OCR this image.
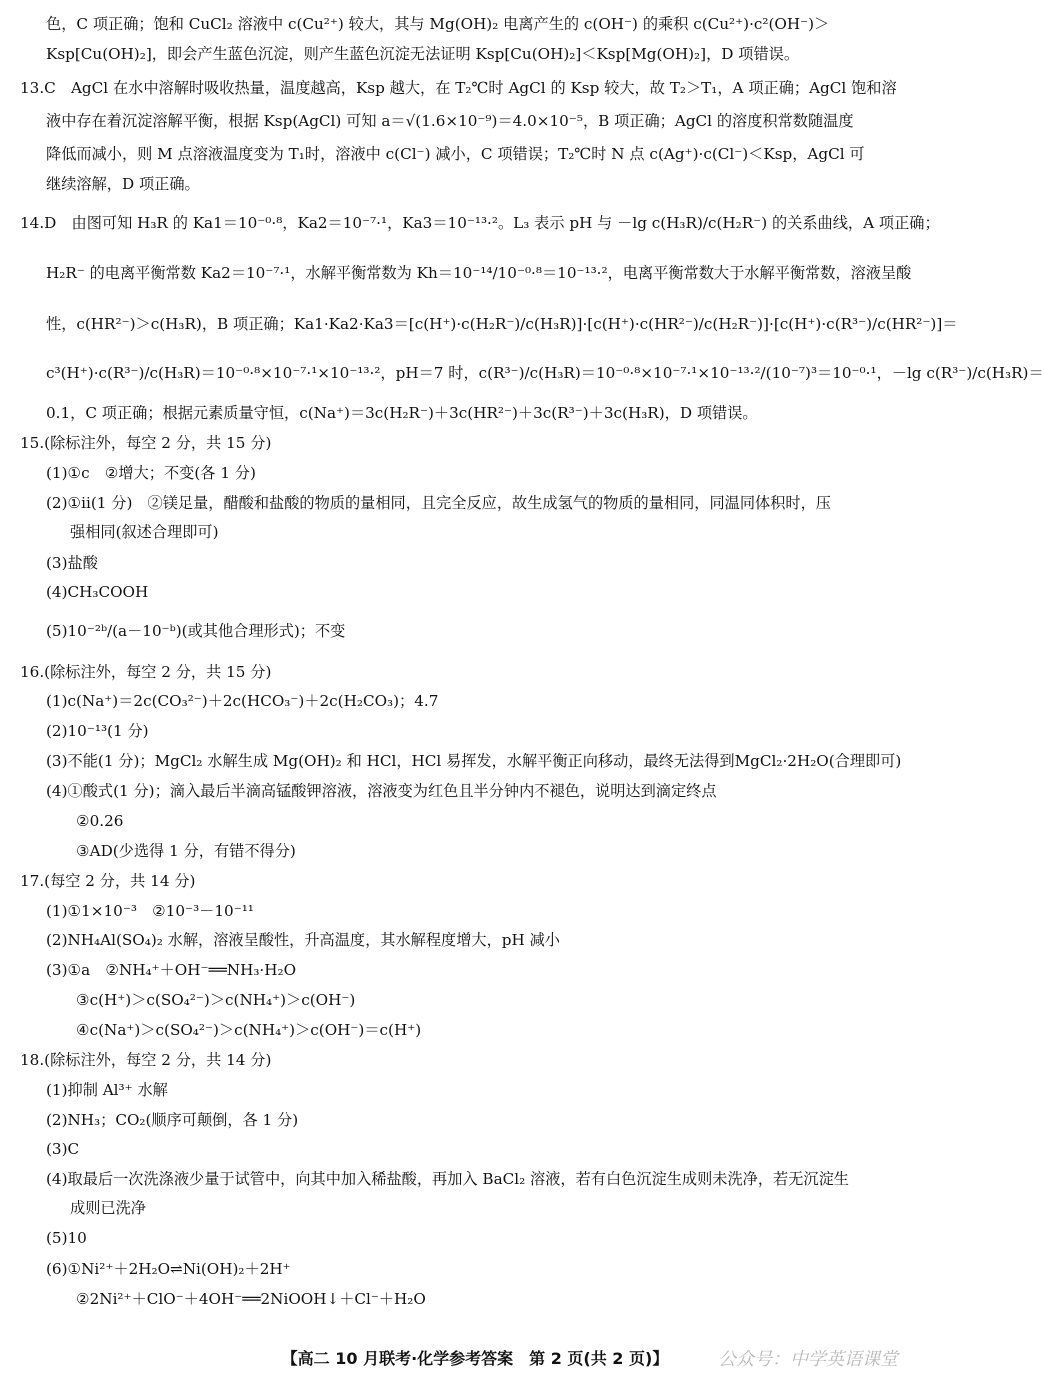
色，C 项正确；饱和 CuCl₂ 溶液中 c(Cu²⁺) 较大，其与 Mg(OH)₂ 电离产生的 c(OH⁻) 的乘积 c(Cu²⁺)·c²(OH⁻)＞
Ksp[Cu(OH)₂]，即会产生蓝色沉淀，则产生蓝色沉淀无法证明 Ksp[Cu(OH)₂]＜Ksp[Mg(OH)₂]，D 项错误。
13.C　AgCl 在水中溶解时吸收热量，温度越高，Ksp 越大，在 T₂℃时 AgCl 的 Ksp 较大，故 T₂＞T₁，A 项正确；AgCl 饱和溶
液中存在着沉淀溶解平衡，根据 Ksp(AgCl) 可知 a＝√(1.6×10⁻⁹)＝4.0×10⁻⁵，B 项正确；AgCl 的溶度积常数随温度
降低而减小，则 M 点溶液温度变为 T₁时，溶液中 c(Cl⁻) 减小，C 项错误；T₂℃时 N 点 c(Ag⁺)·c(Cl⁻)＜Ksp，AgCl 可
继续溶解，D 项正确。
14.D　由图可知 H₃R 的 Ka1＝10⁻⁰·⁸，Ka2＝10⁻⁷·¹，Ka3＝10⁻¹³·²。L₃ 表示 pH 与 －lg c(H₃R)/c(H₂R⁻) 的关系曲线，A 项正确；
H₂R⁻ 的电离平衡常数 Ka2＝10⁻⁷·¹，水解平衡常数为 Kh＝10⁻¹⁴/10⁻⁰·⁸＝10⁻¹³·²，电离平衡常数大于水解平衡常数，溶液呈酸
性，c(HR²⁻)＞c(H₃R)，B 项正确；Ka1·Ka2·Ka3＝[c(H⁺)·c(H₂R⁻)/c(H₃R)]·[c(H⁺)·c(HR²⁻)/c(H₂R⁻)]·[c(H⁺)·c(R³⁻)/c(HR²⁻)]＝
c³(H⁺)·c(R³⁻)/c(H₃R)＝10⁻⁰·⁸×10⁻⁷·¹×10⁻¹³·²，pH＝7 时，c(R³⁻)/c(H₃R)＝10⁻⁰·⁸×10⁻⁷·¹×10⁻¹³·²/(10⁻⁷)³＝10⁻⁰·¹，－lg c(R³⁻)/c(H₃R)＝
0.1，C 项正确；根据元素质量守恒，c(Na⁺)＝3c(H₂R⁻)＋3c(HR²⁻)＋3c(R³⁻)＋3c(H₃R)，D 项错误。
15.(除标注外，每空 2 分，共 15 分)
(1)①c　②增大；不变(各 1 分)
(2)①ⅱ(1 分)　②镁足量，醋酸和盐酸的物质的量相同，且完全反应，故生成氢气的物质的量相同，同温同体积时，压
强相同(叙述合理即可)
(3)盐酸
(4)CH₃COOH
(5)10⁻²ᵇ/(a－10⁻ᵇ)(或其他合理形式)；不变
16.(除标注外，每空 2 分，共 15 分)
(1)c(Na⁺)＝2c(CO₃²⁻)＋2c(HCO₃⁻)＋2c(H₂CO₃)；4.7
(2)10⁻¹³(1 分)
(3)不能(1 分)；MgCl₂ 水解生成 Mg(OH)₂ 和 HCl，HCl 易挥发，水解平衡正向移动，最终无法得到MgCl₂·2H₂O(合理即可)
(4)①酸式(1 分)；滴入最后半滴高锰酸钾溶液，溶液变为红色且半分钟内不褪色，说明达到滴定终点
②0.26
③AD(少选得 1 分，有错不得分)
17.(每空 2 分，共 14 分)
(1)①1×10⁻³　②10⁻³－10⁻¹¹
(2)NH₄Al(SO₄)₂ 水解，溶液呈酸性，升高温度，其水解程度增大，pH 减小
(3)①a　②NH₄⁺＋OH⁻══NH₃·H₂O
③c(H⁺)＞c(SO₄²⁻)＞c(NH₄⁺)＞c(OH⁻)
④c(Na⁺)＞c(SO₄²⁻)＞c(NH₄⁺)＞c(OH⁻)＝c(H⁺)
18.(除标注外，每空 2 分，共 14 分)
(1)抑制 Al³⁺ 水解
(2)NH₃；CO₂(顺序可颠倒，各 1 分)
(3)C
(4)取最后一次洗涤液少量于试管中，向其中加入稀盐酸，再加入 BaCl₂ 溶液，若有白色沉淀生成则未洗净，若无沉淀生
成则已洗净
(5)10
(6)①Ni²⁺＋2H₂O⇌Ni(OH)₂＋2H⁺
②2Ni²⁺＋ClO⁻＋4OH⁻══2NiOOH↓＋Cl⁻＋H₂O
【高二 10 月联考·化学参考答案　第 2 页(共 2 页)】	公众号：中学英语课堂
